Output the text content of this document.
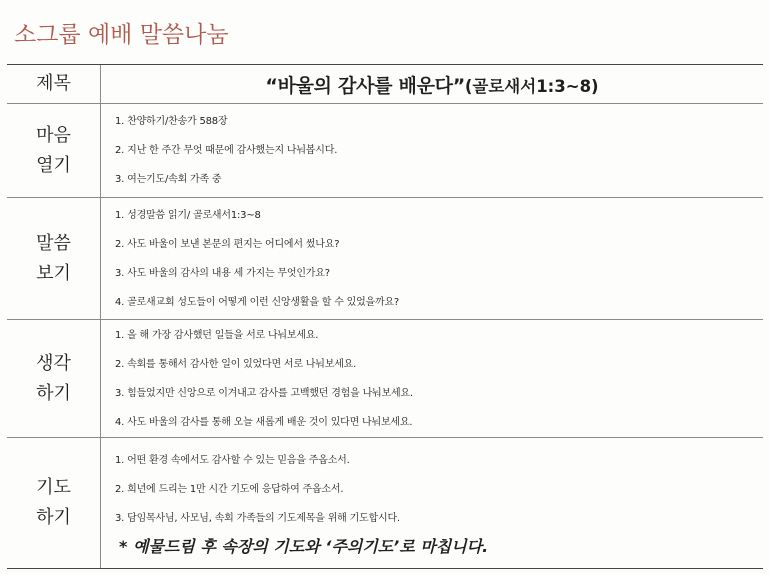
소그룹 예배 말씀나눔
제목	“바울의 감사를 배운다”(골로새서1:3~8)
마음
열기
1. 찬양하기/찬송가 588장
2. 지난 한 주간 무엇 때문에 감사했는지 나눠봅시다.
3. 여는기도/속회 가족 중
말씀
보기
1. 성경말씀 읽기/ 골로새서1:3~8
2. 사도 바울이 보낸 본문의 편지는 어디에서 썼나요?
3. 사도 바울의 감사의 내용 세 가지는 무엇인가요?
4. 골로새교회 성도들이 어떻게 이런 신앙생활을 할 수 있었을까요?
생각
하기
1. 올 해 가장 감사했던 일들을 서로 나눠보세요.
2. 속회를 통해서 감사한 일이 있었다면 서로 나눠보세요.
3. 힘들었지만 신앙으로 이겨내고 감사를 고백했던 경험을 나눠보세요.
4. 사도 바울의 감사를 통해 오늘 새롭게 배운 것이 있다면 나눠보세요.
기도
하기
1. 어떤 환경 속에서도 감사할 수 있는 믿음을 주옵소서.
2. 희년에 드리는 1만 시간 기도에 응답하여 주옵소서.
3. 담임목사님, 사모님, 속회 가족들의 기도제목을 위해 기도합시다.
* 예물드림 후 속장의 기도와 ‘주의기도’로 마칩니다.
